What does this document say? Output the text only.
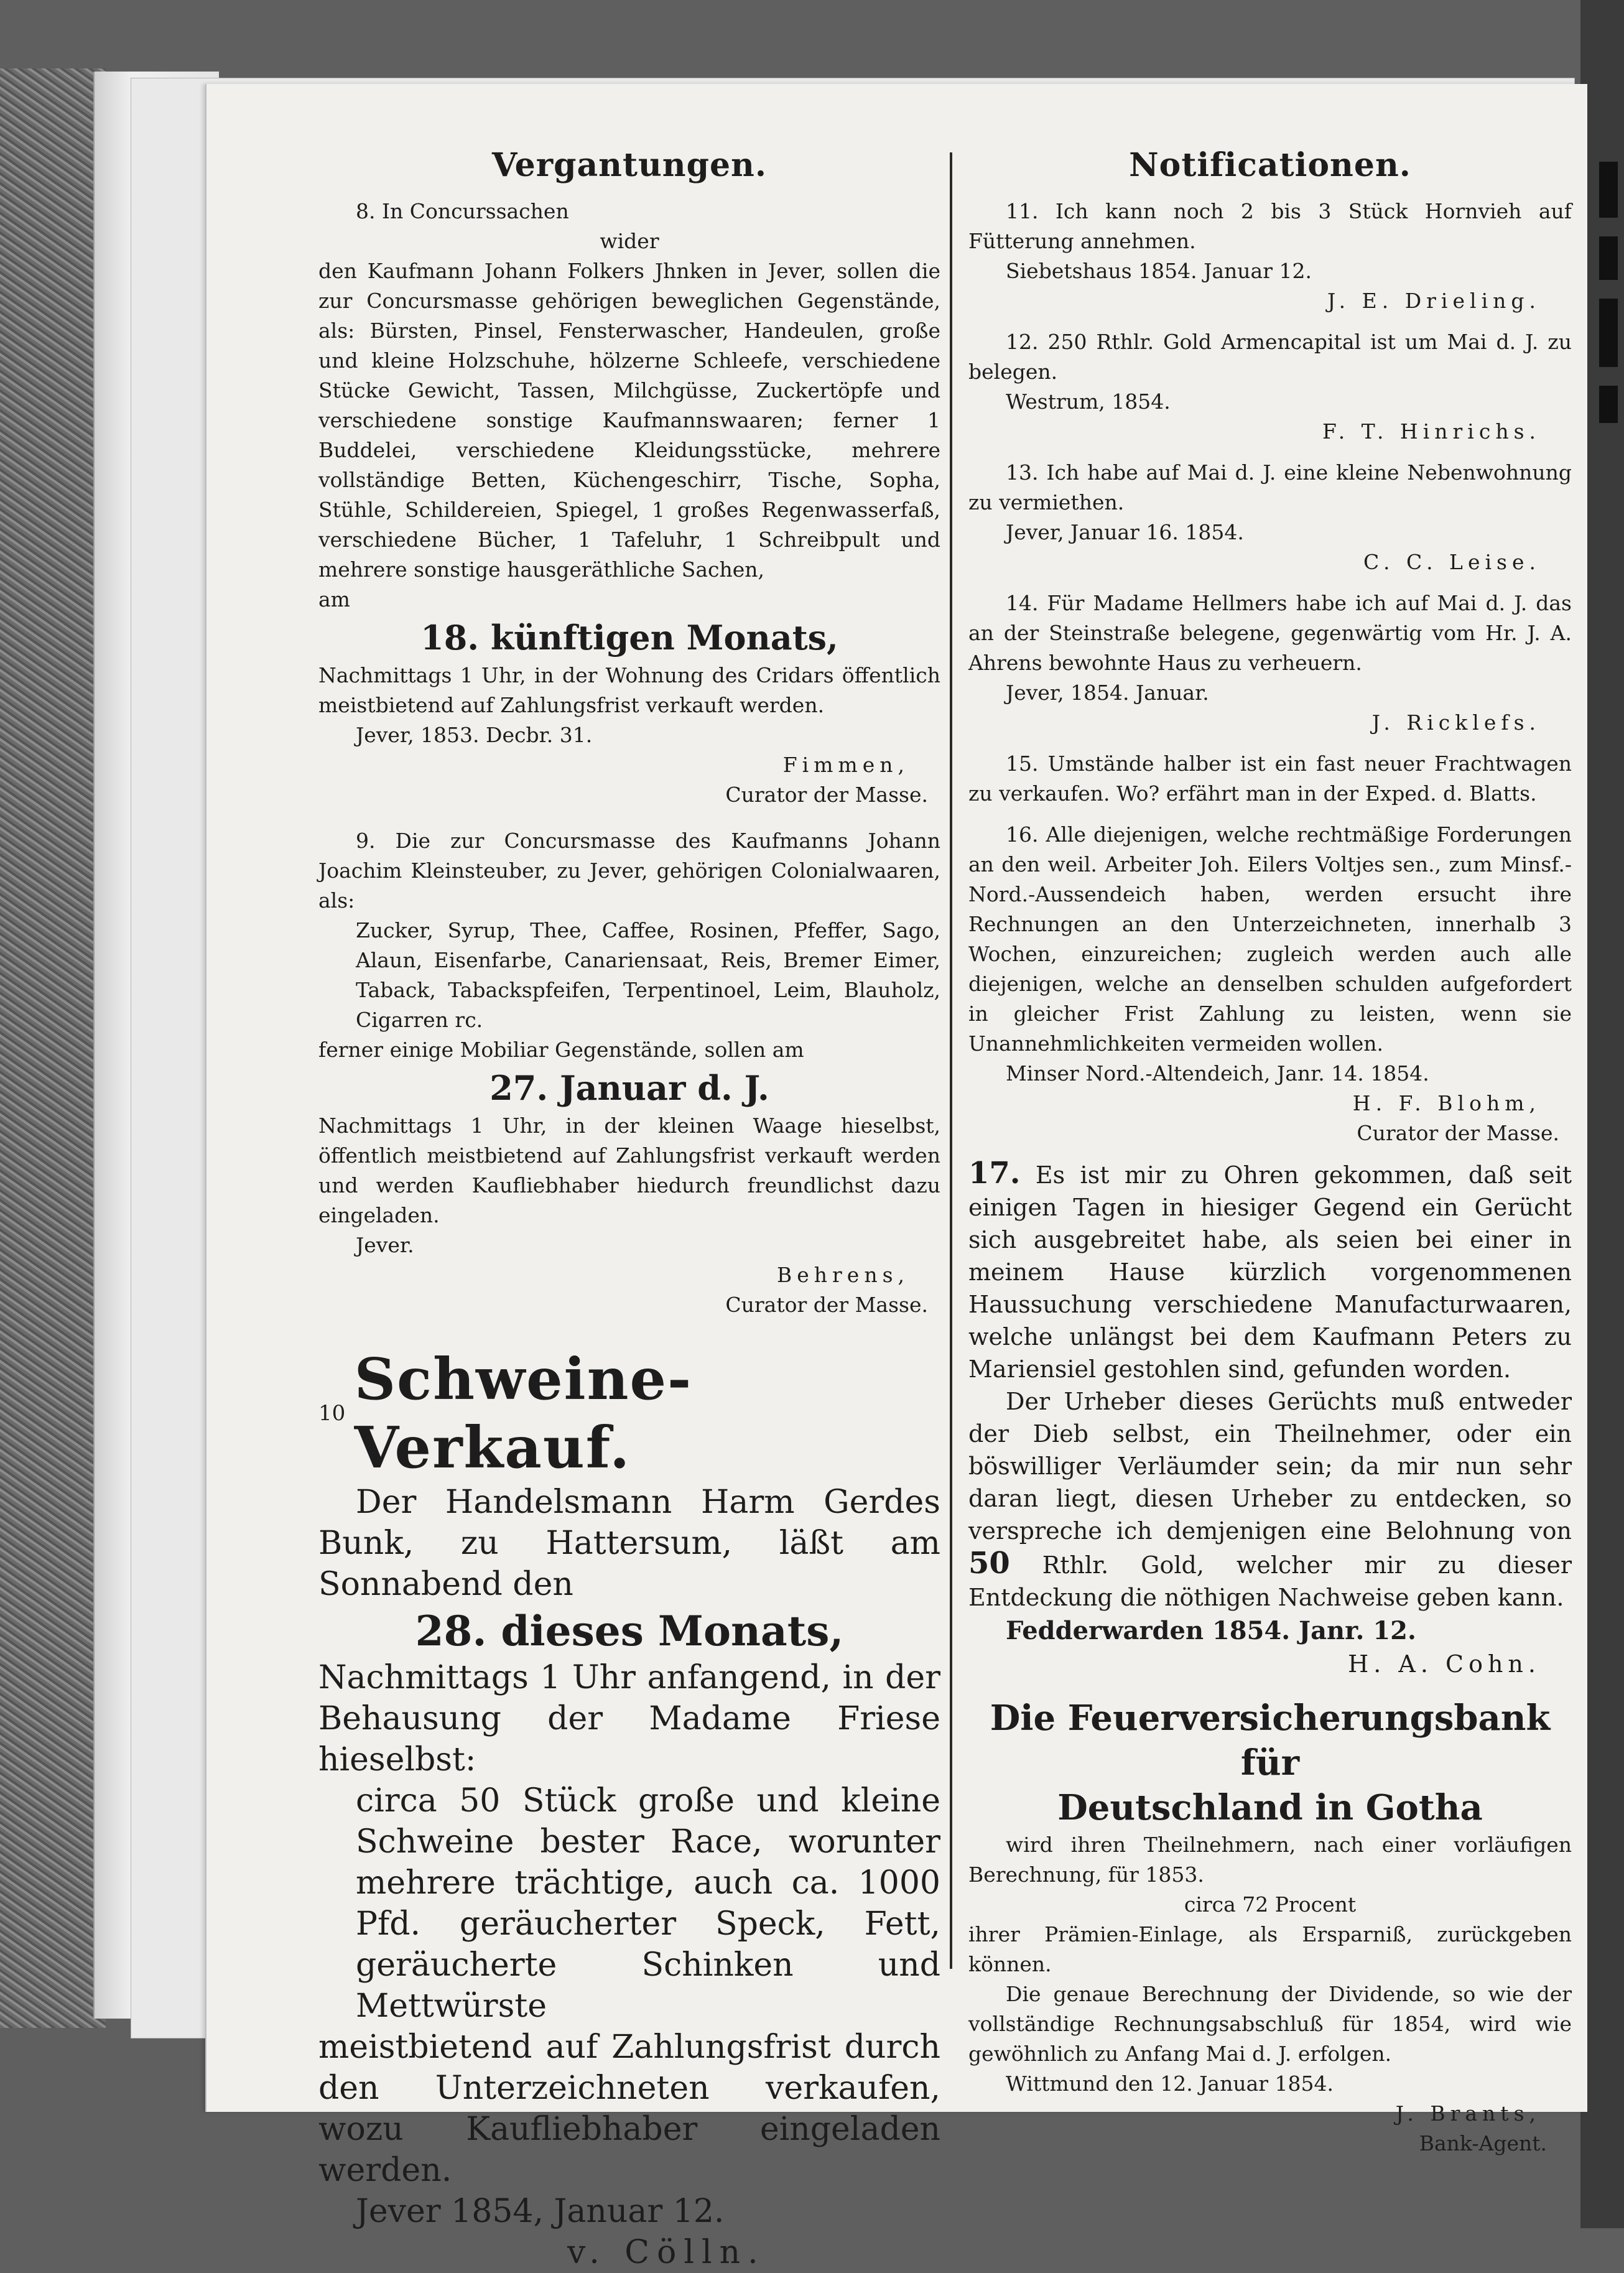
Vergantungen.

8. In Concurssachen

wider

den Kaufmann Johann Folkers Jhnken in Jever, sollen die zur Concursmasse gehörigen beweglichen Gegenstände, als: Bürsten, Pinsel, Fensterwascher, Handeulen, große und kleine Holzschuhe, hölzerne Schleefe, verschiedene Stücke Gewicht, Tassen, Milchgüsse, Zuckertöpfe und verschiedene sonstige Kaufmannswaaren; ferner 1 Buddelei, verschiedene Kleidungsstücke, mehrere vollständige Betten, Küchengeschirr, Tische, Sopha, Stühle, Schildereien, Spiegel, 1 großes Regenwasserfaß, verschiedene Bücher, 1 Tafeluhr, 1 Schreibpult und mehrere sonstige hausgeräthliche Sachen,

am

18. künftigen Monats,

Nachmittags 1 Uhr, in der Wohnung des Cridars öffentlich meistbietend auf Zahlungsfrist verkauft werden.

Jever, 1853. Decbr. 31.

Fimmen,

Curator der Masse.

9. Die zur Concursmasse des Kaufmanns Johann Joachim Kleinsteuber, zu Jever, gehörigen Colonialwaaren, als:

Zucker, Syrup, Thee, Caffee, Rosinen, Pfeffer, Sago, Alaun, Eisenfarbe, Canariensaat, Reis, Bremer Eimer, Taback, Tabackspfeifen, Terpentinoel, Leim, Blauholz, Cigarren rc.

ferner einige Mobiliar Gegenstände, sollen am

27. Januar d. J.

Nachmittags 1 Uhr, in der kleinen Waage hieselbst, öffentlich meistbietend auf Zahlungsfrist verkauft werden und werden Kaufliebhaber hiedurch freundlichst dazu eingeladen.

Jever.

Behrens,

Curator der Masse.

10
Schweine-Verkauf.

Der Handelsmann Harm Gerdes Bunk, zu Hattersum, läßt am Sonnabend den

28. dieses Monats,

Nachmittags 1 Uhr anfangend, in der Behausung der Madame Friese hieselbst:

circa 50 Stück große und kleine Schweine bester Race, worunter mehrere trächtige, auch ca. 1000 Pfd. geräucherter Speck, Fett, geräucherte Schinken und Mettwürste

meistbietend auf Zahlungsfrist durch den Unterzeichneten verkaufen, wozu Kaufliebhaber eingeladen werden.

Jever 1854, Januar 12.

v. Cölln.

Notificationen.

11. Ich kann noch 2 bis 3 Stück Hornvieh auf Fütterung annehmen.

Siebetshaus 1854. Januar 12.

J. E. Drieling.

12. 250 Rthlr. Gold Armencapital ist um Mai d. J. zu belegen.

Westrum, 1854.

F. T. Hinrichs.

13. Ich habe auf Mai d. J. eine kleine Nebenwohnung zu vermiethen.

Jever, Januar 16. 1854.

C. C. Leise.

14. Für Madame Hellmers habe ich auf Mai d. J. das an der Steinstraße belegene, gegenwärtig vom Hr. J. A. Ahrens bewohnte Haus zu verheuern.

Jever, 1854. Januar.

J. Ricklefs.

15. Umstände halber ist ein fast neuer Frachtwagen zu verkaufen. Wo? erfährt man in der Exped. d. Blatts.

16. Alle diejenigen, welche rechtmäßige Forderungen an den weil. Arbeiter Joh. Eilers Voltjes sen., zum Minsf.-Nord.-Aussendeich haben, werden ersucht ihre Rechnungen an den Unterzeichneten, innerhalb 3 Wochen, einzureichen; zugleich werden auch alle diejenigen, welche an denselben schulden aufgefordert in gleicher Frist Zahlung zu leisten, wenn sie Unannehmlichkeiten vermeiden wollen.

Minser Nord.-Altendeich, Janr. 14. 1854.

H. F. Blohm,

Curator der Masse.

17. Es ist mir zu Ohren gekommen, daß seit einigen Tagen in hiesiger Gegend ein Gerücht sich ausgebreitet habe, als seien bei einer in meinem Hause kürzlich vorgenommenen Haussuchung verschiedene Manufacturwaaren, welche unlängst bei dem Kaufmann Peters zu Mariensiel gestohlen sind, gefunden worden.

Der Urheber dieses Gerüchts muß entweder der Dieb selbst, ein Theilnehmer, oder ein böswilliger Verläumder sein; da mir nun sehr daran liegt, diesen Urheber zu entdecken, so verspreche ich demjenigen eine Belohnung von 50 Rthlr. Gold, welcher mir zu dieser Entdeckung die nöthigen Nachweise geben kann.

Fedderwarden 1854. Janr. 12.

H. A. Cohn.

Die Feuerversicherungsbank für
Deutschland in Gotha

wird ihren Theilnehmern, nach einer vorläufigen Berechnung, für 1853.

circa 72 Procent

ihrer Prämien-Einlage, als Ersparniß, zurückgeben können.

Die genaue Berechnung der Dividende, so wie der vollständige Rechnungsabschluß für 1854, wird wie gewöhnlich zu Anfang Mai d. J. erfolgen.

Wittmund den 12. Januar 1854.

J. Brants,

Bank-Agent.
